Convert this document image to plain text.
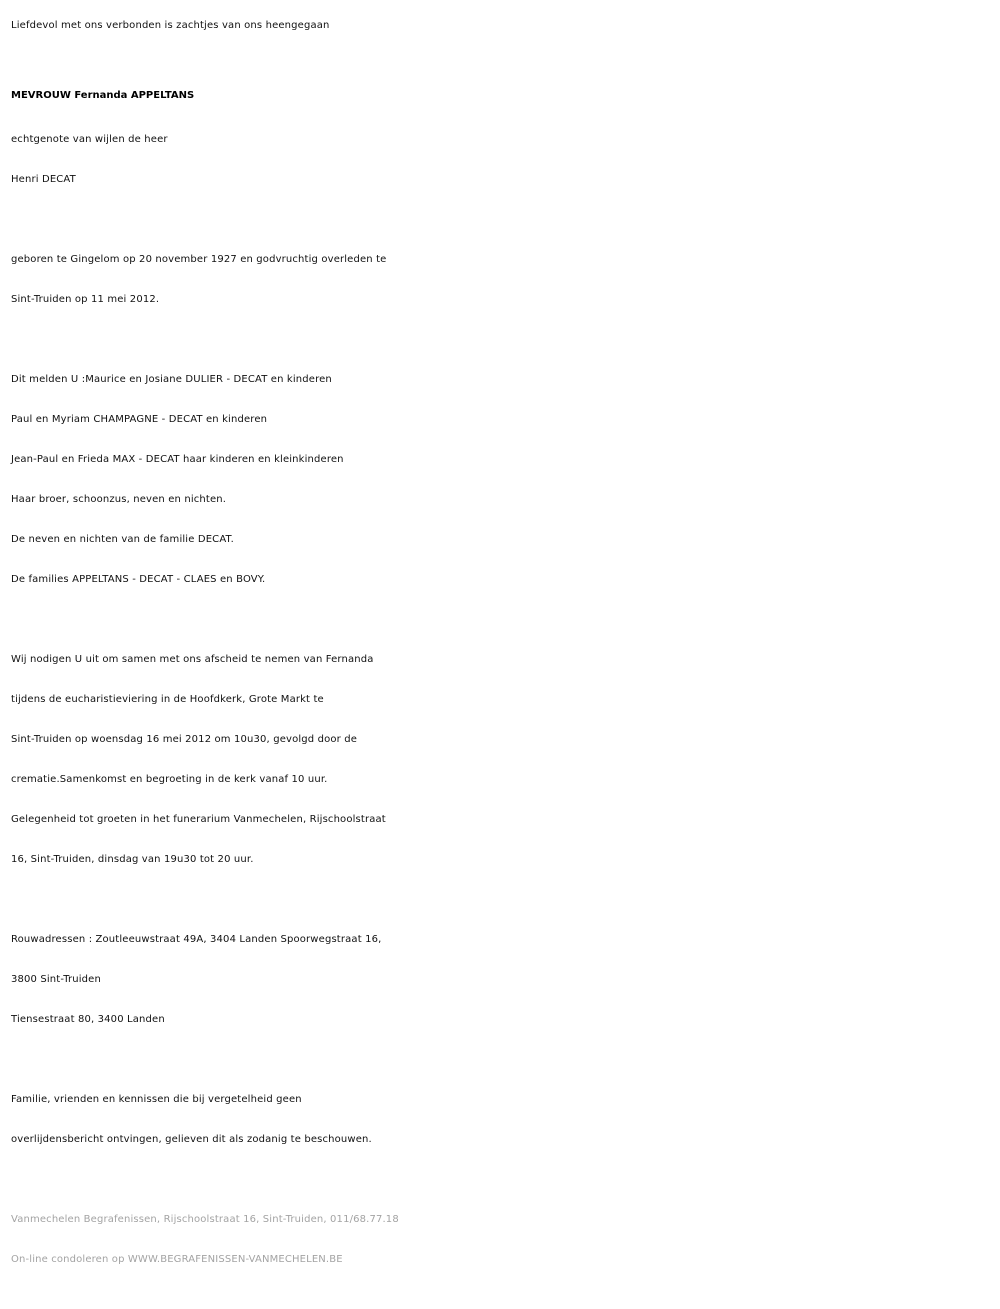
Liefdevol met ons verbonden is zachtjes van ons heengegaan
MEVROUW Fernanda APPELTANS
echtgenote van wijlen de heer
Henri DECAT
geboren te Gingelom op 20 november 1927 en godvruchtig overleden te
Sint-Truiden op 11 mei 2012.
Dit melden U :Maurice en Josiane DULIER - DECAT en kinderen
Paul en Myriam CHAMPAGNE - DECAT en kinderen
Jean-Paul en Frieda MAX - DECAT haar kinderen en kleinkinderen
Haar broer, schoonzus, neven en nichten.
De neven en nichten van de familie DECAT.
De families APPELTANS - DECAT - CLAES en BOVY.
Wij nodigen U uit om samen met ons afscheid te nemen van Fernanda
tijdens de eucharistieviering in de Hoofdkerk, Grote Markt te
Sint-Truiden op woensdag 16 mei 2012 om 10u30, gevolgd door de
crematie.Samenkomst en begroeting in de kerk vanaf 10 uur.
Gelegenheid tot groeten in het funerarium Vanmechelen, Rijschoolstraat
16, Sint-Truiden, dinsdag van 19u30 tot 20 uur.
Rouwadressen : Zoutleeuwstraat 49A, 3404 Landen Spoorwegstraat 16,
3800 Sint-Truiden
Tiensestraat 80, 3400 Landen
Familie, vrienden en kennissen die bij vergetelheid geen
overlijdensbericht ontvingen, gelieven dit als zodanig te beschouwen.
Vanmechelen Begrafenissen, Rijschoolstraat 16, Sint-Truiden, 011/68.77.18
On-line condoleren op WWW.BEGRAFENISSEN-VANMECHELEN.BE
